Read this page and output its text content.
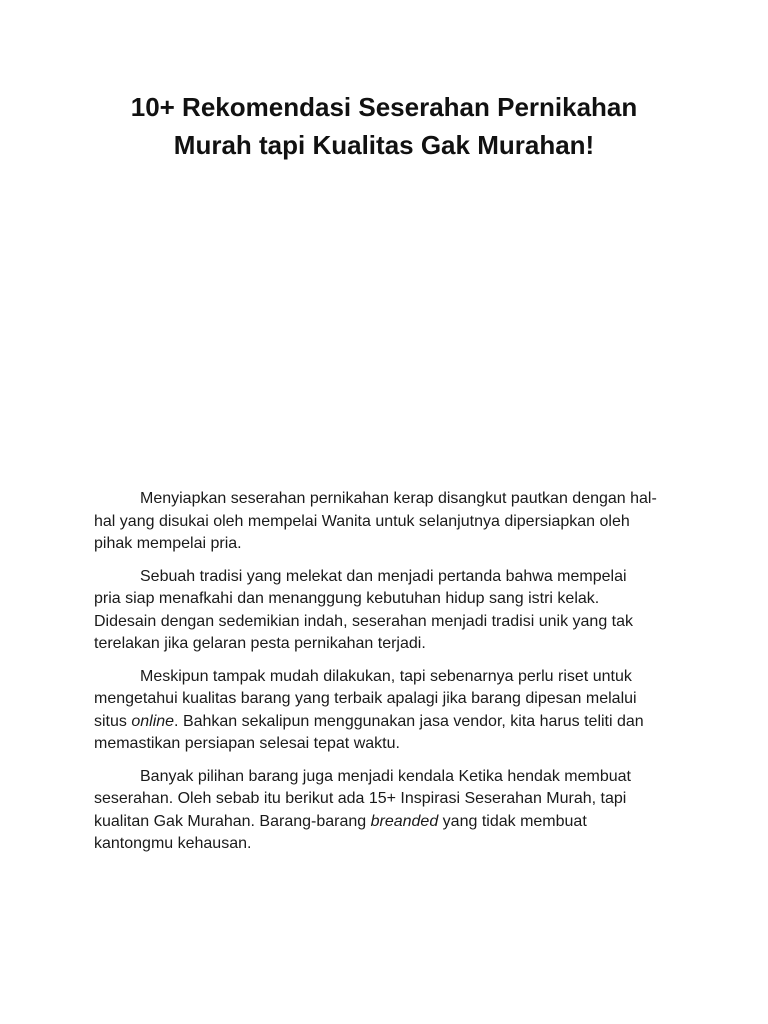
10+ Rekomendasi Seserahan Pernikahan
Murah tapi Kualitas Gak Murahan!

Menyiapkan seserahan pernikahan kerap disangkut pautkan dengan hal-
hal yang disukai oleh mempelai Wanita untuk selanjutnya dipersiapkan oleh
pihak mempelai pria.

Sebuah tradisi yang melekat dan menjadi pertanda bahwa mempelai
pria siap menafkahi dan menanggung kebutuhan hidup sang istri kelak.
Didesain dengan sedemikian indah, seserahan menjadi tradisi unik yang tak
terelakan jika gelaran pesta pernikahan terjadi.

Meskipun tampak mudah dilakukan, tapi sebenarnya perlu riset untuk
mengetahui kualitas barang yang terbaik apalagi jika barang dipesan melalui
situs online. Bahkan sekalipun menggunakan jasa vendor, kita harus teliti dan
memastikan persiapan selesai tepat waktu.

Banyak pilihan barang juga menjadi kendala Ketika hendak membuat
seserahan. Oleh sebab itu berikut ada 15+ Inspirasi Seserahan Murah, tapi
kualitan Gak Murahan. Barang-barang breanded yang tidak membuat
kantongmu kehausan.
